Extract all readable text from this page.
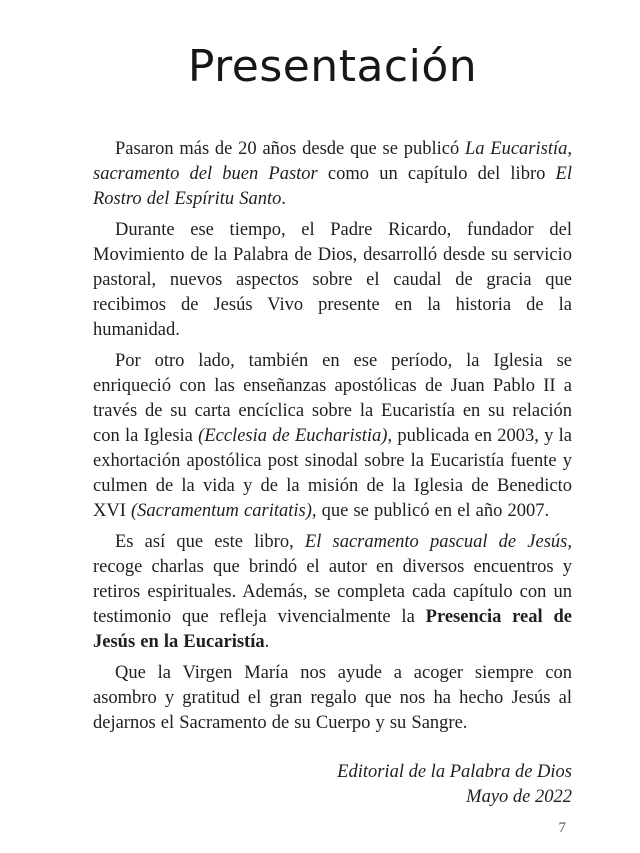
Presentación

Pasaron más de 20 años desde que se publicó La Eucaristía, sacramento del buen Pastor como un capítulo del libro El Rostro del Espíritu Santo.

Durante ese tiempo, el Padre Ricardo, fundador del Movimiento de la Palabra de Dios, desarrolló desde su servicio pastoral, nuevos aspectos sobre el caudal de gracia que recibimos de Jesús Vivo presente en la historia de la humanidad.

Por otro lado, también en ese período, la Iglesia se enriqueció con las enseñanzas apostólicas de Juan Pablo II a través de su carta encíclica sobre la Eucaristía en su relación con la Iglesia (Ecclesia de Eucharistia), publicada en 2003, y la exhortación apostólica post sinodal sobre la Eucaristía fuente y culmen de la vida y de la misión de la Iglesia de Benedicto XVI (Sacramentum caritatis), que se publicó en el año 2007.

Es así que este libro, El sacramento pascual de Jesús, recoge charlas que brindó el autor en diversos encuentros y retiros espirituales. Además, se completa cada capítulo con un testimonio que refleja vivencialmente la Presencia real de Jesús en la Eucaristía.

Que la Virgen María nos ayude a acoger siempre con asombro y gratitud el gran regalo que nos ha hecho Jesús al dejarnos el Sacramento de su Cuerpo y su Sangre.

Editorial de la Palabra de Dios
Mayo de 2022
7
